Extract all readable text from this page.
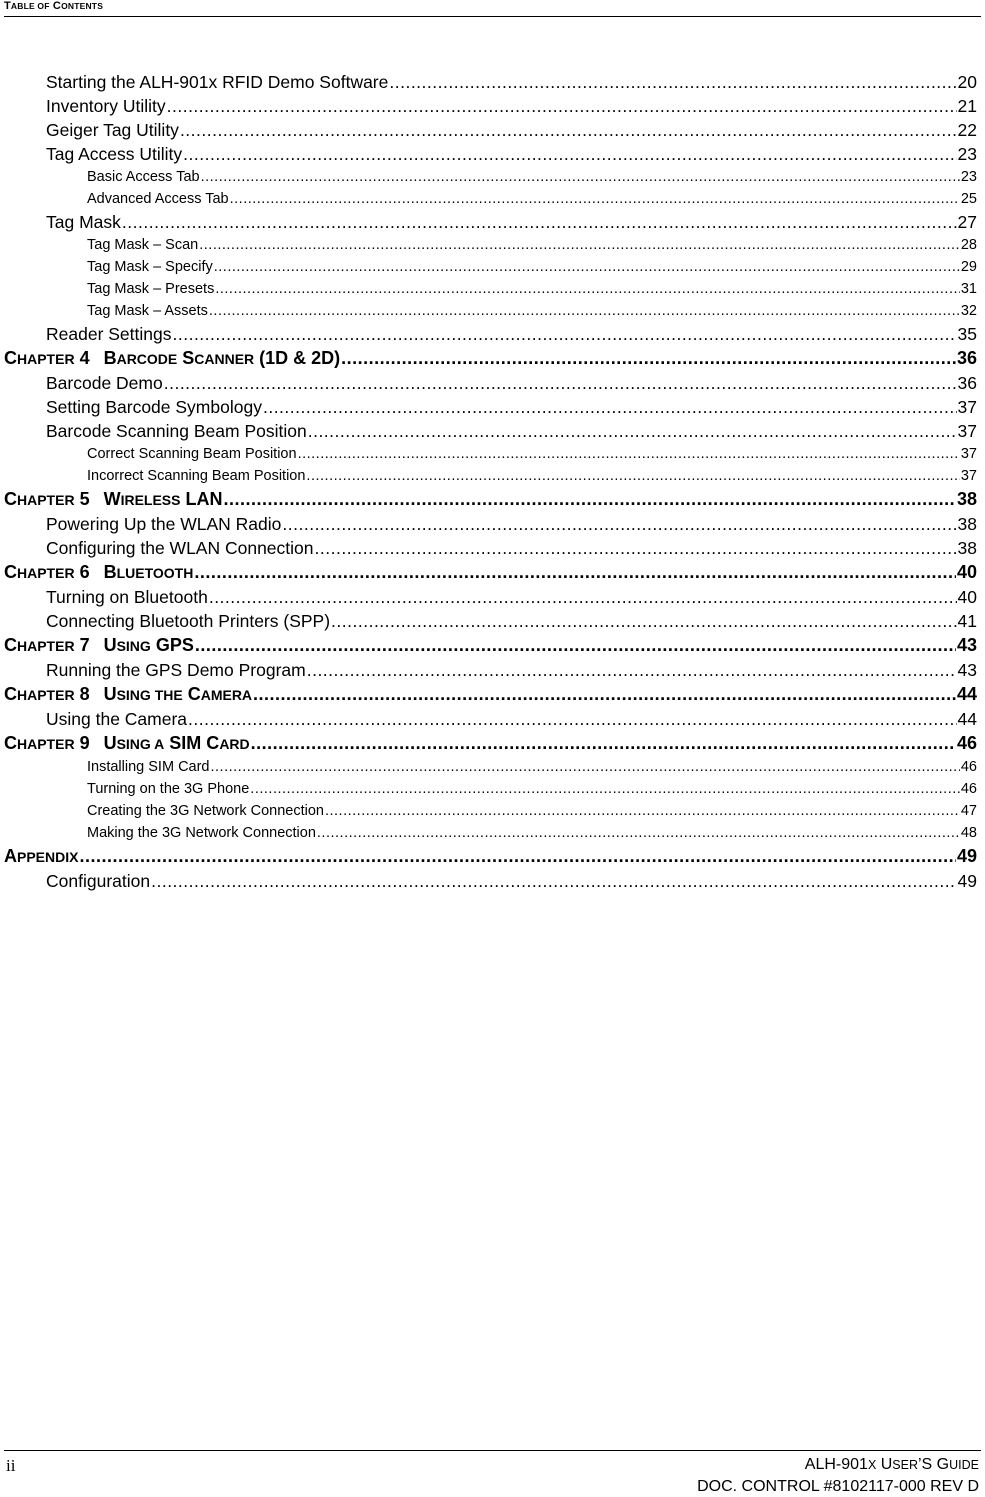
TABLE OF CONTENTS
Starting the ALH-901x RFID Demo Software .....	20
Inventory Utility .....	21
Geiger Tag Utility .....	22
Tag Access Utility .....	23
Basic Access Tab .....	23
Advanced Access Tab .....	25
Tag Mask .....	27
Tag Mask – Scan .....	28
Tag Mask – Specify .....	29
Tag Mask – Presets .....	31
Tag Mask – Assets .....	32
Reader Settings .....	35
CHAPTER 4 BARCODE SCANNER (1D & 2D) .....	36
Barcode Demo .....	36
Setting Barcode Symbology .....	37
Barcode Scanning Beam Position .....	37
Correct Scanning Beam Position .....	37
Incorrect Scanning Beam Position .....	37
CHAPTER 5 WIRELESS LAN .....	38
Powering Up the WLAN Radio .....	38
Configuring the WLAN Connection .....	38
CHAPTER 6 BLUETOOTH .....	40
Turning on Bluetooth .....	40
Connecting Bluetooth Printers (SPP) .....	41
CHAPTER 7 USING GPS .....	43
Running the GPS Demo Program .....	43
CHAPTER 8 USING THE CAMERA .....	44
Using the Camera .....	44
CHAPTER 9 USING A SIM CARD .....	46
Installing SIM Card .....	46
Turning on the 3G Phone .....	46
Creating the 3G Network Connection .....	47
Making the 3G Network Connection .....	48
APPENDIX .....	49
Configuration .....	49
ii	ALH-901X USER’S GUIDE
DOC. CONTROL #8102117-000 REV D
